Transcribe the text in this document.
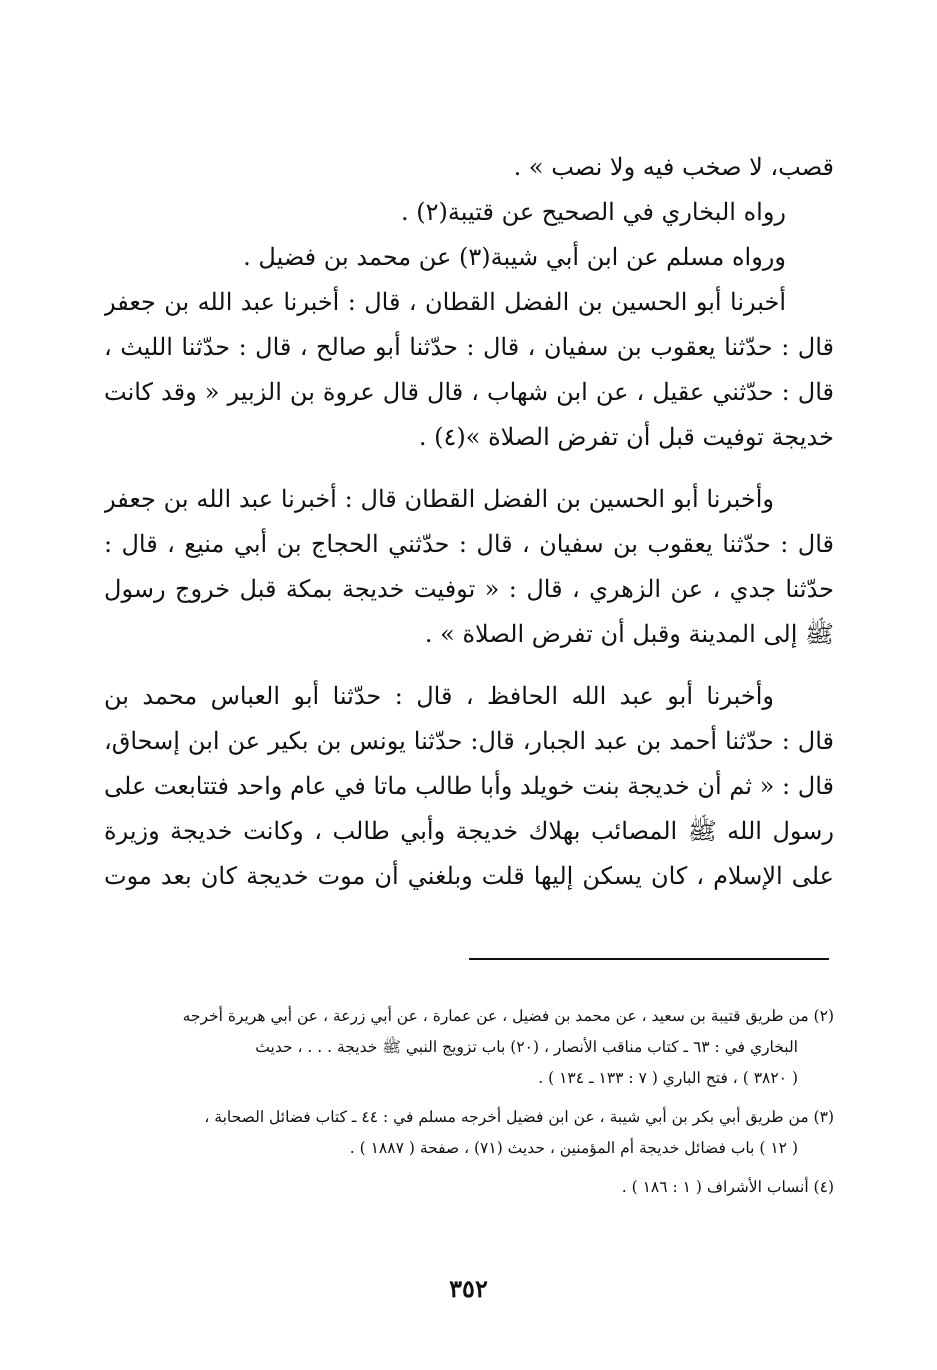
قصب، لا صخب فيه ولا نصب » .
رواه البخاري في الصحيح عن قتيبة(٢) .
ورواه مسلم عن ابن أبي شيبة(٣) عن محمد بن فضيل .
أخبرنا أبو الحسين بن الفضل القطان ، قال : أخبرنا عبد الله بن جعفر
قال : حدّثنا يعقوب بن سفيان ، قال : حدّثنا أبو صالح ، قال : حدّثنا الليث ،
قال : حدّثني عقيل ، عن ابن شهاب ، قال قال عروة بن الزبير « وقد كانت
خديجة توفيت قبل أن تفرض الصلاة »(٤) .
وأخبرنا أبو الحسين بن الفضل القطان قال : أخبرنا عبد الله بن جعفر
قال : حدّثنا يعقوب بن سفيان ، قال : حدّثني الحجاج بن أبي منيع ، قال :
حدّثنا جدي ، عن الزهري ، قال : « توفيت خديجة بمكة قبل خروج رسول
ﷺ إلى المدينة وقبل أن تفرض الصلاة » .
وأخبرنا أبو عبد الله الحافظ ، قال : حدّثنا أبو العباس محمد بن
قال : حدّثنا أحمد بن عبد الجبار، قال: حدّثنا يونس بن بكير عن ابن إسحاق،
قال : « ثم أن خديجة بنت خويلد وأبا طالب ماتا في عام واحد فتتابعت على
رسول الله ﷺ المصائب بهلاك خديجة وأبي طالب ، وكانت خديجة وزيرة
على الإسلام ، كان يسكن إليها قلت وبلغني أن موت خديجة كان بعد موت
(٢) من طريق قتيبة بن سعيد ، عن محمد بن فضيل ، عن عمارة ، عن أبي زرعة ، عن أبي هريرة أخرجه
البخاري في : ٦٣ ـ كتاب مناقب الأنصار ، (٢٠) باب تزويج النبي ﷺ خديجة . . . ، حديث
( ٣٨٢٠ ) ، فتح الباري ( ٧ : ١٣٣ ـ ١٣٤ ) .
(٣) من طريق أبي بكر بن أبي شيبة ، عن ابن فضيل أخرجه مسلم في : ٤٤ ـ كتاب فضائل الصحابة ،
( ١٢ ) باب فضائل خديجة أم المؤمنين ، حديث (٧١) ، صفحة ( ١٨٨٧ ) .
(٤) أنساب الأشراف ( ١ : ١٨٦ ) .
٣٥٢
